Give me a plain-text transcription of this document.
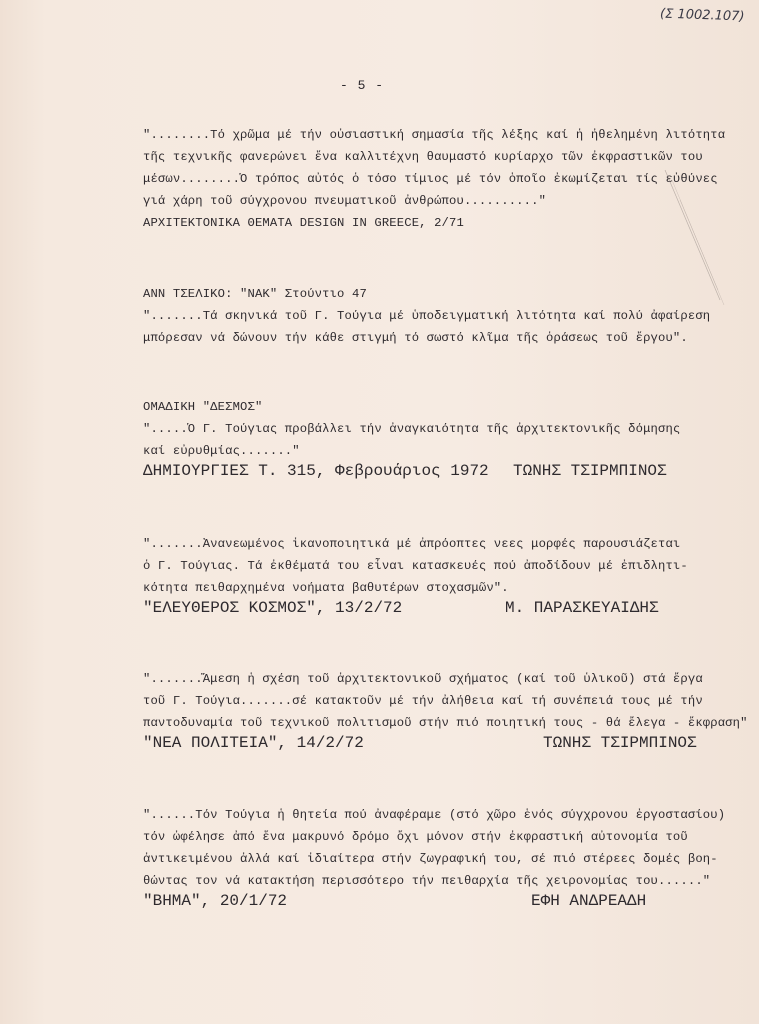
(Σ 1002.107)
- 5 -
"........Τό χρῶμα μέ τήν οὐσιαστική σημασία τῆς λέξης καί ἡ ἠθελημένη λιτότητα
τῆς τεχνικῆς φανερώνει ἕνα καλλιτέχνη θαυμαστό κυρίαρχο τῶν ἐκφραστικῶν του
μέσων........Ὁ τρόπος αὐτός ὁ τόσο τίμιος μέ τόν ὁποῖο ἐκωμίζεται τίς εὐθύνες
γιά χάρη τοῦ σύγχρονου πνευματικοῦ ἀνθρώπου.........."
ΑΡΧΙΤΕΚΤΟΝΙΚΑ ΘΕΜΑΤΑ DESIGN IN GREECE, 2/71
ΑΝΝ ΤΣΕΛΙΚΟ: "ΝΑΚ" Στούντιο 47
".......Τά σκηνικά τοῦ Γ. Τούγια μέ ὑποδειγματική λιτότητα καί πολύ ἀφαίρεση
μπόρεσαν νά δώνουν τήν κάθε στιγμή τό σωστό κλῖμα τῆς ὁράσεως τοῦ ἔργου".
ΟΜΑΔΙΚΗ "ΔΕΣΜΟΣ"
".....Ὁ Γ. Τούγιας προβάλλει τήν ἀναγκαιότητα τῆς ἀρχιτεκτονικῆς δόμησης
καί εὐρυθμίας......."
ΔΗΜΙΟΥΡΓΙΕΣ Τ. 315, Φεβρουάριος 1972 ΤΩΝΗΣ ΤΣΙΡΜΠΙΝΟΣ
".......Ἀνανεωμένος ἱκανοποιητικά μέ ἀπρόοπτες νεες μορφές παρουσιάζεται
ὁ Γ. Τούγιας. Τά ἐκθέματά του εἶναι κατασκευές πού ἀποδίδουν μέ ἐπιδλητι-
κότητα πειθαρχημένα νοήματα βαθυτέρων στοχασμῶν".
"ΕΛΕΥΘΕΡΟΣ ΚΟΣΜΟΣ", 13/2/72	Μ. ΠΑΡΑΣΚΕΥΑΙΔΗΣ
".......Ἄμεση ἡ σχέση τοῦ ἀρχιτεκτονικοῦ σχήματος (καί τοῦ ὑλικοῦ) στά ἔργα
τοῦ Γ. Τούγια.......σέ κατακτοῦν μέ τήν ἀλήθεια καί τή συνέπειά τους μέ τήν
παντοδυναμία τοῦ τεχνικοῦ πολιτισμοῦ στήν πιό ποιητική τους - θά ἔλεγα - ἔκφραση"
"ΝΕΑ ΠΟΛΙΤΕΙΑ", 14/2/72	ΤΩΝΗΣ ΤΣΙΡΜΠΙΝΟΣ
"......Τόν Τούγια ἡ θητεία πού ἀναφέραμε (στό χῶρο ἑνός σύγχρονου ἐργοστασίου)
τόν ὠφέλησε ἀπό ἕνα μακρυνό δρόμο ὄχι μόνον στήν ἐκφραστική αὐτονομία τοῦ
ἀντικειμένου ἀλλά καί ἰδιαίτερα στήν ζωγραφική του, σέ πιό στέρεες δομές βοη-
θώντας τον νά κατακτήση περισσότερο τήν πειθαρχία τῆς χειρονομίας του......"
"ΒΗΜΑ", 20/1/72	ΕΦΗ ΑΝΔΡΕΑΔΗ
